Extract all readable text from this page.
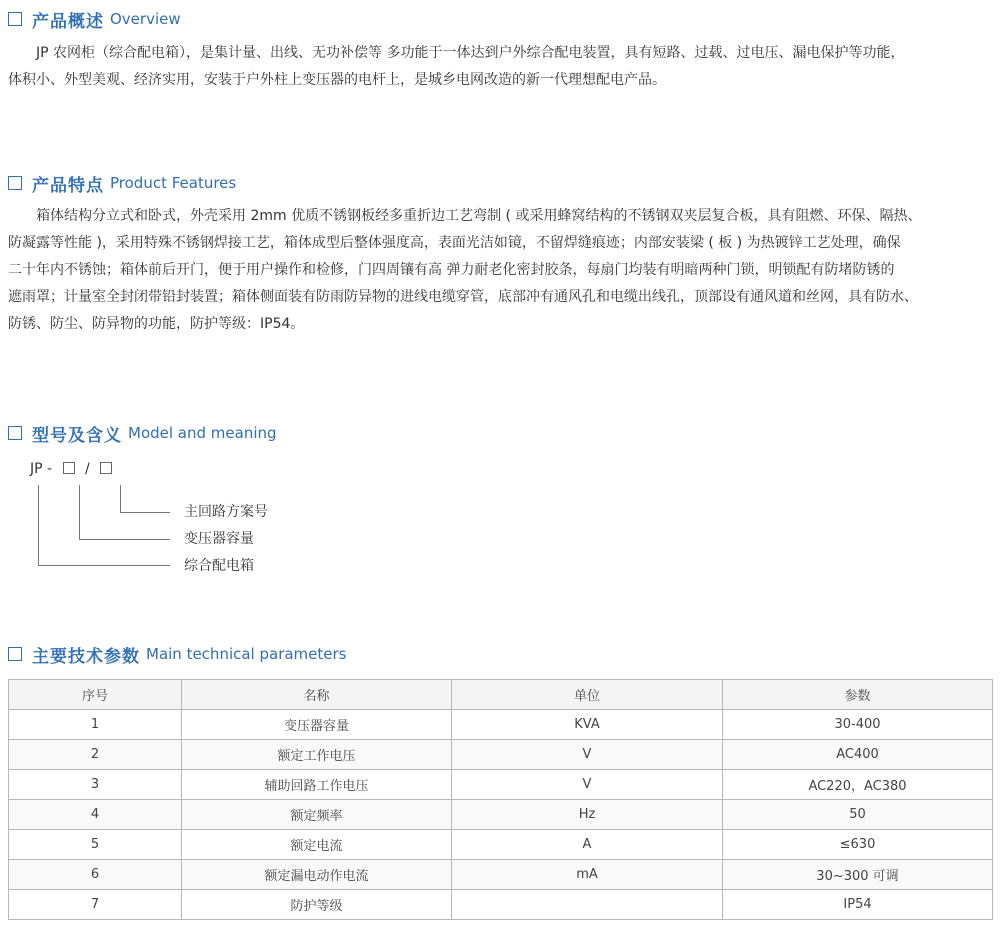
产品概述 Overview
JP 农网柜（综合配电箱），是集计量、出线、无功补偿等 多功能于一体达到户外综合配电装置，具有短路、过载、过电压、漏电保护等功能，
体积小、外型美观、经济实用，安装于户外柱上变压器的电杆上，是城乡电网改造的新一代理想配电产品。
产品特点 Product Features
箱体结构分立式和卧式，外壳采用 2mm 优质不锈钢板经多重折边工艺弯制 ( 或采用蜂窝结构的不锈钢双夹层复合板，具有阻燃、环保、隔热、
防凝露等性能 )，采用特殊不锈钢焊接工艺，箱体成型后整体强度高，表面光洁如镜，不留焊缝痕迹；内部安装梁 ( 板 ) 为热镀锌工艺处理，确保
二十年内不锈蚀；箱体前后开门，便于用户操作和检修，门四周镶有高 弹力耐老化密封胶条，每扇门均装有明暗两种门锁，明锁配有防堵防锈的
遮雨罩；计量室全封闭带铅封装置；箱体侧面装有防雨防异物的进线电缆穿管，底部冲有通风孔和电缆出线孔，顶部设有通风道和丝网，具有防水、
防锈、防尘、防异物的功能，防护等级：IP54。
型号及含义 Model and meaning
JP - /
主回路方案号
变压器容量
综合配电箱
主要技术参数 Main technical parameters
序号	名称	单位	参数
1	变压器容量	KVA	30-400
2	额定工作电压	V	AC400
3	辅助回路工作电压	V	AC220，AC380
4	额定频率	Hz	50
5	额定电流	A	≤630
6	额定漏电动作电流	mA	30~300 可调
7	防护等级		IP54
